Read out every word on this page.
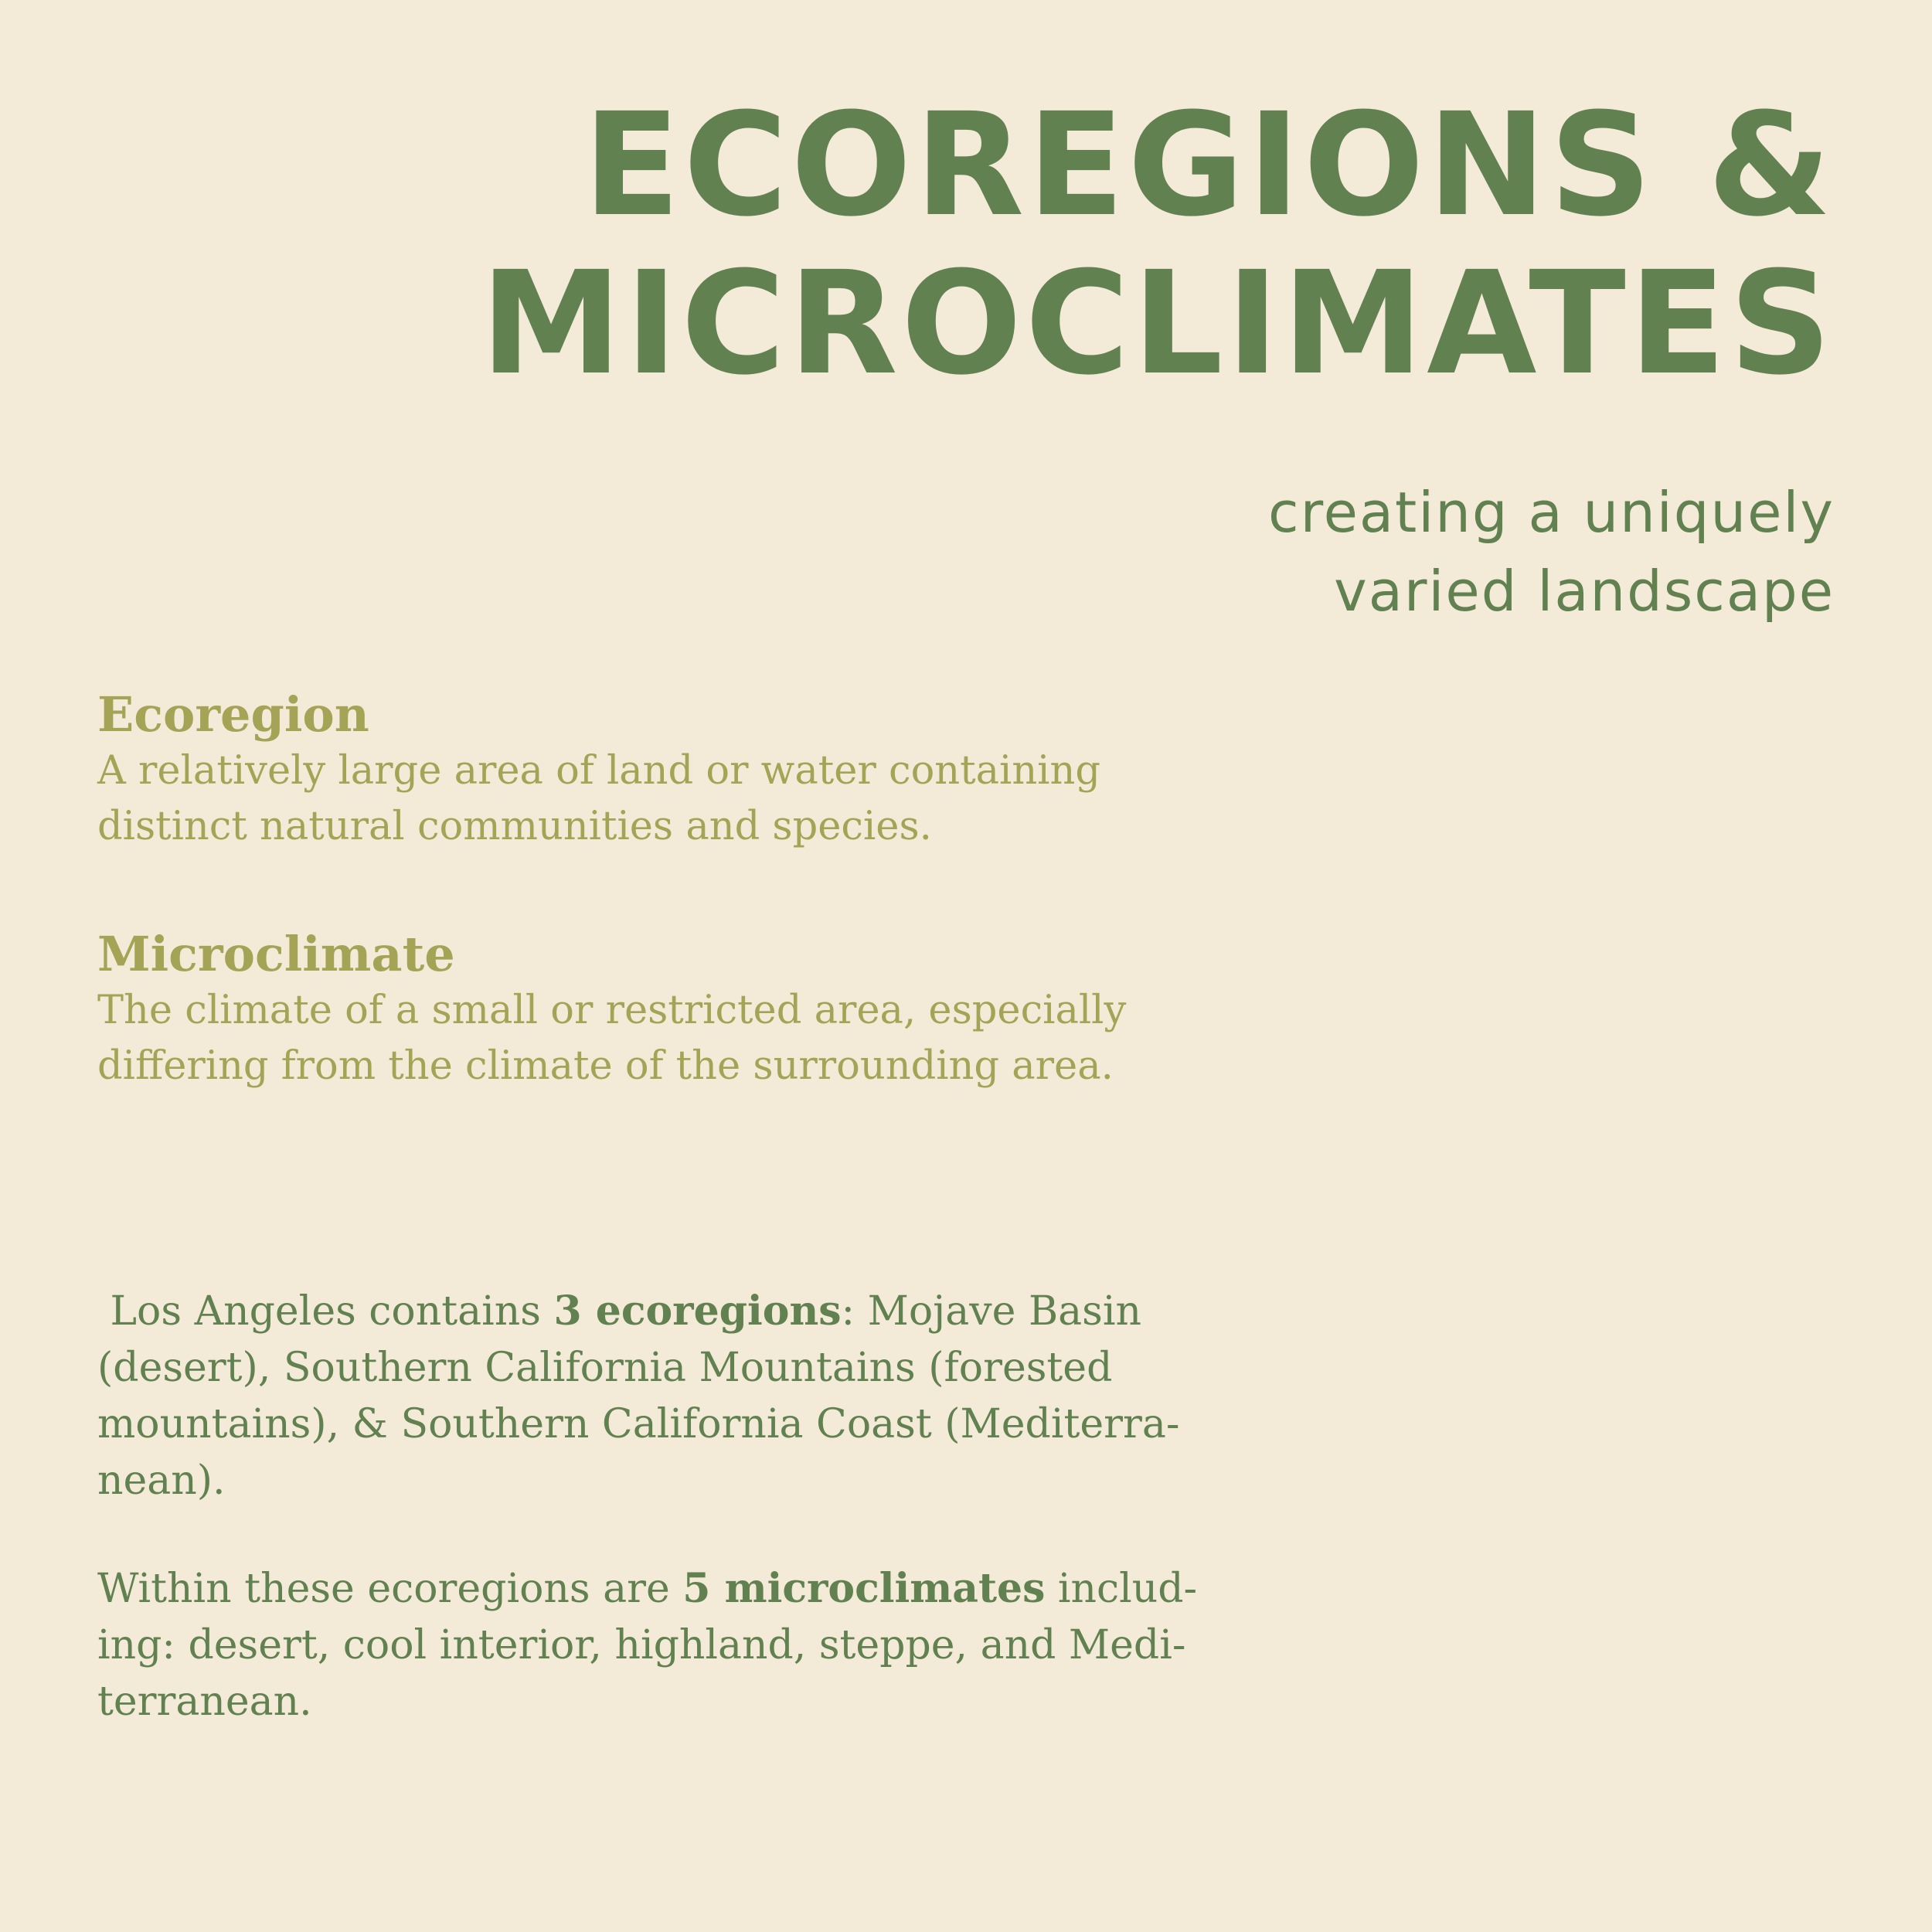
ECOREGIONS &
MICROCLIMATES
creating a uniquely
varied landscape

Ecoregion

A relatively large area of land or water containing
distinct natural communities and species.

Microclimate

The climate of a small or restricted area, especially
differing from the climate of the surrounding area.

Los Angeles contains 3 ecoregions: Mojave Basin
(desert), Southern California Mountains (forested
mountains), & Southern California Coast (Mediterra-
nean).

Within these ecoregions are 5 microclimates includ-
ing: desert, cool interior, highland, steppe, and Medi-
terranean.
